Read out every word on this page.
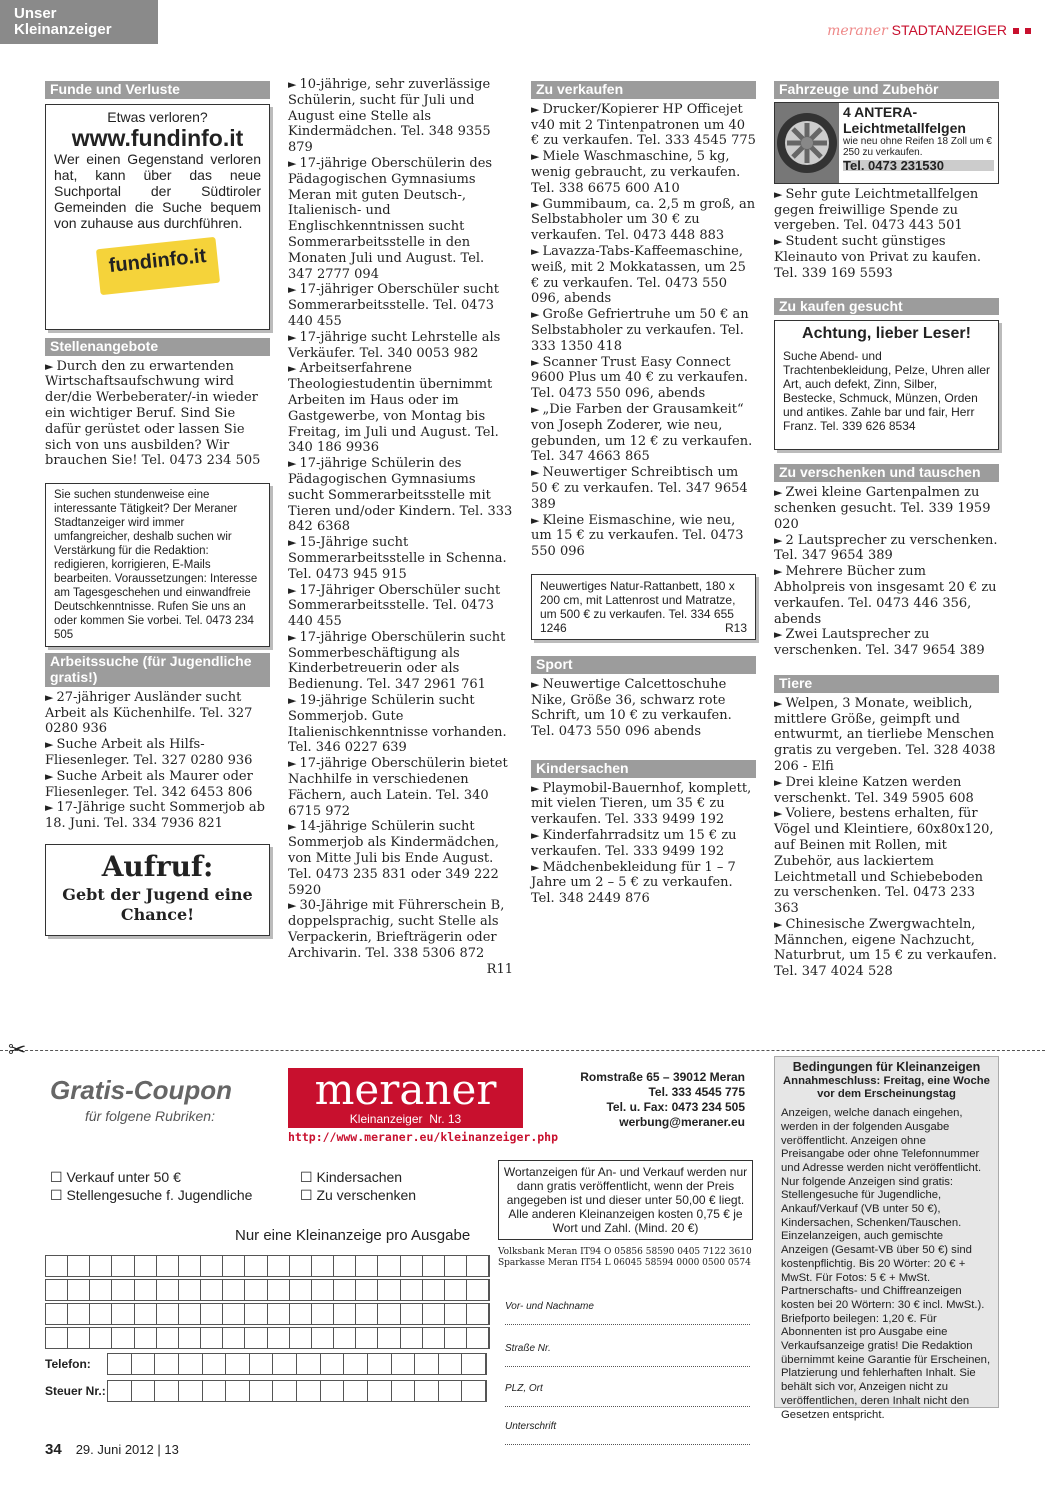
Unser Kleinanzeiger	meraner STADTANZEIGER
Funde und Verluste
Etwas verloren?
www.fundinfo.it
Wer einen Gegenstand verloren hat, kann über das neue Suchportal der Südtiroler Gemeinden die Suche bequem von zuhause aus durchführen.
fundinfo.it
Stellenangebote

► Durch den zu erwartenden Wirtschaftsaufschwung wird der/die Werbeberater/-in wieder ein wichtiger Beruf. Sind Sie dafür gerüstet oder lassen Sie sich von uns ausbilden? Wir brauchen Sie! Tel. 0473 234 505

Sie suchen stundenweise eine interessante Tätigkeit? Der Meraner Stadtanzeiger wird immer umfangreicher, deshalb suchen wir Verstärkung für die Redaktion: redigieren, korrigieren, E-Mails bearbeiten. Voraussetzungen: Interesse am Tagesgeschehen und einwandfreie Deutschkenntnisse. Rufen Sie uns an oder kommen Sie vorbei. Tel. 0473 234 505
Arbeitssuche (für Jugendliche gratis!)

► 27-jähriger Ausländer sucht Arbeit als Küchenhilfe. Tel. 327 0280 936

► Suche Arbeit als Hilfs-Fliesenleger. Tel. 327 0280 936

► Suche Arbeit als Maurer oder Fliesenleger. Tel. 342 6453 806

► 17-Jährige sucht Sommerjob ab 18. Juni. Tel. 334 7936 821

Aufruf:
Gebt der Jugend eine Chance!

► 10-jährige, sehr zuverlässige Schülerin, sucht für Juli und August eine Stelle als Kindermädchen. Tel. 348 9355 879

► 17-jährige Oberschülerin des Pädagogischen Gymnasiums Meran mit guten Deutsch-, Italienisch- und Englischkenntnissen sucht Sommerarbeitsstelle in den Monaten Juli und August. Tel. 347 2777 094

► 17-jähriger Oberschüler sucht Sommerarbeitsstelle. Tel. 0473 440 455

► 17-jährige sucht Lehrstelle als Verkäufer. Tel. 340 0053 982

► Arbeitserfahrene Theologiestudentin übernimmt Arbeiten im Haus oder im Gastgewerbe, von Montag bis Freitag, im Juli und August. Tel. 340 186 9936

► 17-jährige Schülerin des Pädagogischen Gymnasiums sucht Sommerarbeitsstelle mit Tieren und/oder Kindern. Tel. 333 842 6368

► 15-Jährige sucht Sommerarbeitsstelle in Schenna. Tel. 0473 945 915

► 17-Jähriger Oberschüler sucht Sommerarbeitsstelle. Tel. 0473 440 455

► 17-jährige Oberschülerin sucht Sommerbeschäftigung als Kinderbetreuerin oder als Bedienung. Tel. 347 2961 761

► 19-jährige Schülerin sucht Sommerjob. Gute Italienischkenntnisse vorhanden. Tel. 346 0227 639

► 17-jährige Oberschülerin bietet Nachhilfe in verschiedenen Fächern, auch Latein. Tel. 340 6715 972

► 14-jährige Schülerin sucht Sommerjob als Kindermädchen, von Mitte Juli bis Ende August. Tel. 0473 235 831 oder 349 222 5920

► 30-Jährige mit Führerschein B, doppelsprachig, sucht Stelle als Verpackerin, Briefträgerin oder Archivarin. Tel. 338 5306 872

R11
Zu verkaufen

► Drucker/Kopierer HP Officejet v40 mit 2 Tintenpatronen um 40 € zu verkaufen. Tel. 333 4545 775

► Miele Waschmaschine, 5 kg, wenig gebraucht, zu verkaufen. Tel. 338 6675 600 A10

► Gummibaum, ca. 2,5 m groß, an Selbstabholer um 30 € zu verkaufen. Tel. 0473 448 883

► Lavazza-Tabs-Kaffeemaschine, weiß, mit 2 Mokkatassen, um 25 € zu verkaufen. Tel. 0473 550 096, abends

► Große Gefriertruhe um 50 € an Selbstabholer zu verkaufen. Tel. 333 1350 418

► Scanner Trust Easy Connect 9600 Plus um 40 € zu verkaufen. Tel. 0473 550 096, abends

► „Die Farben der Grausamkeit“ von Joseph Zoderer, wie neu, gebunden, um 12 € zu verkaufen. Tel. 347 4663 865

► Neuwertiger Schreibtisch um 50 € zu verkaufen. Tel. 347 9654 389

► Kleine Eismaschine, wie neu, um 15 € zu verkaufen. Tel. 0473 550 096

Neuwertiges Natur-Rattanbett, 180 x 200 cm, mit Lattenrost und Matratze, um 500 € zu verkaufen. Tel. 334 655 1246	R13
Sport

► Neuwertige Calcettoschuhe Nike, Größe 36, schwarz rote Schrift, um 10 € zu verkaufen. Tel. 0473 550 096 abends

Kindersachen

► Playmobil-Bauernhof, komplett, mit vielen Tieren, um 35 € zu verkaufen. Tel. 333 9499 192

► Kinderfahrradsitz um 15 € zu verkaufen. Tel. 333 9499 192

► Mädchenbekleidung für 1 – 7 Jahre um 2 – 5 € zu verkaufen. Tel. 348 2449 876

Fahrzeuge und Zubehör
4 ANTERA-
Leichtmetallfelgen
wie neu ohne Reifen 18 Zoll um € 250 zu verkaufen.
Tel. 0473 231530

► Sehr gute Leichtmetallfelgen gegen freiwillige Spende zu vergeben. Tel. 0473 443 501

► Student sucht günstiges Kleinauto von Privat zu kaufen. Tel. 339 169 5593

Zu kaufen gesucht
Achtung, lieber Leser!
Suche Abend- und Trachtenbekleidung, Pelze, Uhren aller Art, auch defekt, Zinn, Silber, Bestecke, Schmuck, Münzen, Orden und antikes. Zahle bar und fair, Herr Franz. Tel. 339 626 8534
Zu verschenken und tauschen

► Zwei kleine Gartenpalmen zu schenken gesucht. Tel. 339 1959 020

► 2 Lautsprecher zu verschenken. Tel. 347 9654 389

► Mehrere Bücher zum Abholpreis von insgesamt 20 € zu verkaufen. Tel. 0473 446 356, abends

► Zwei Lautsprecher zu verschenken. Tel. 347 9654 389

Tiere

► Welpen, 3 Monate, weiblich, mittlere Größe, geimpft und entwurmt, an tierliebe Menschen gratis zu vergeben. Tel. 328 4038 206 - Elfi

► Drei kleine Katzen werden verschenkt. Tel. 349 5905 608

► Voliere, bestens erhalten, für Vögel und Kleintiere, 60x80x120, auf Beinen mit Rollen, mit Zubehör, aus lackiertem Leichtmetall und Schiebeboden zu verschenken. Tel. 0473 233 363

► Chinesische Zwergwachteln, Männchen, eigene Nachzucht, Naturbrut, um 15 € zu verkaufen. Tel. 347 4024 528

✂
Gratis-Coupon
für folgene Rubriken:
meraner
Kleinanzeiger Nr. 13
http://www.meraner.eu/kleinanzeiger.php
Romstraße 65 – 39012 Meran
Tel. 333 4545 775
Tel. u. Fax: 0473 234 505
werbung@meraner.eu
☐ Verkauf unter 50 €
☐ Stellengesuche f. Jugendliche
☐ Kindersachen
☐ Zu verschenken
Nur eine Kleinanzeige pro Ausgabe
Telefon:
Steuer Nr.:
Wortanzeigen für An- und Verkauf werden nur dann gratis veröffentlicht, wenn der Preis angegeben ist und dieser unter 50,00 € liegt. Alle anderen Kleinanzeigen kosten 0,75 € je Wort und Zahl. (Mind. 20 €)
Volksbank Meran IT94 O 05856 58590 0405 7122 3610
Sparkasse Meran IT54 L 06045 58594 0000 0500 0574
Vor- und Nachname
Straße Nr.
PLZ, Ort
Unterschrift
Bedingungen für Kleinanzeigen
Annahmeschluss: Freitag, eine Woche vor dem Erscheinungstag
Anzeigen, welche danach eingehen, werden in der folgenden Ausgabe veröffentlicht. Anzeigen ohne Preisangabe oder ohne Telefonnummer und Adresse werden nicht veröffentlicht. Nur folgende Anzeigen sind gratis: Stellengesuche für Jugendliche, Ankauf/Verkauf (VB unter 50 €), Kindersachen, Schenken/Tauschen. Einzelanzeigen, auch gemischte Anzeigen (Gesamt-VB über 50 €) sind kostenpflichtig. Bis 20 Wörter: 20 € + MwSt. Für Fotos: 5 € + MwSt. Partnerschafts- und Chiffreanzeigen kosten bei 20 Wörtern: 30 € incl. MwSt.). Briefporto beilegen: 1,20 €. Für Abonnenten ist pro Ausgabe eine Verkaufsanzeige gratis! Die Redaktion übernimmt keine Garantie für Erscheinen, Platzierung und fehlerhaften Inhalt. Sie behält sich vor, Anzeigen nicht zu veröffentlichen, deren Inhalt nicht den Gesetzen entspricht.
34 29. Juni 2012 | 13
